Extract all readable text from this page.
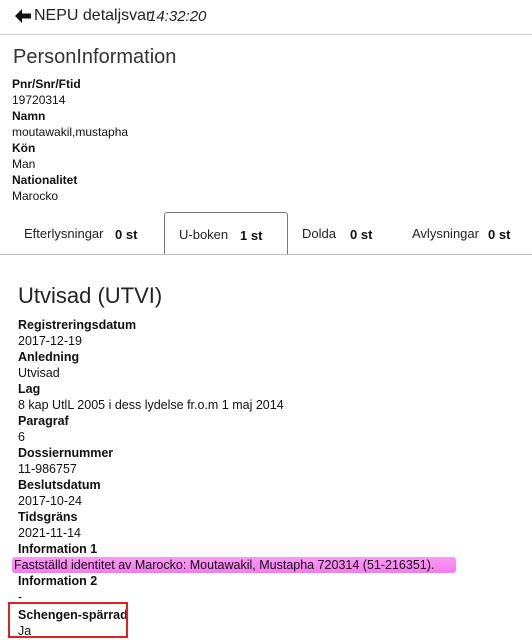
NEPU detaljsvar
14:32:20
PersonInformation
Pnr/Snr/Ftid
19720314
Namn
moutawakil,mustapha
Kön
Man
Nationalitet
Marocko
Efterlysningar 0 st	U-boken 1 st	Dolda 0 st	Avlysningar 0 st
Utvisad (UTVI)
Registreringsdatum
2017-12-19
Anledning
Utvisad
Lag
8 kap UtlL 2005 i dess lydelse fr.o.m 1 maj 2014
Paragraf
6
Dossiernummer
11-986757
Beslutsdatum
2017-10-24
Tidsgräns
2021-11-14
Information 1
Fastställd identitet av Marocko: Moutawakil, Mustapha 720314 (51-216351).
Information 2
-
Schengen-spärrad
Ja
